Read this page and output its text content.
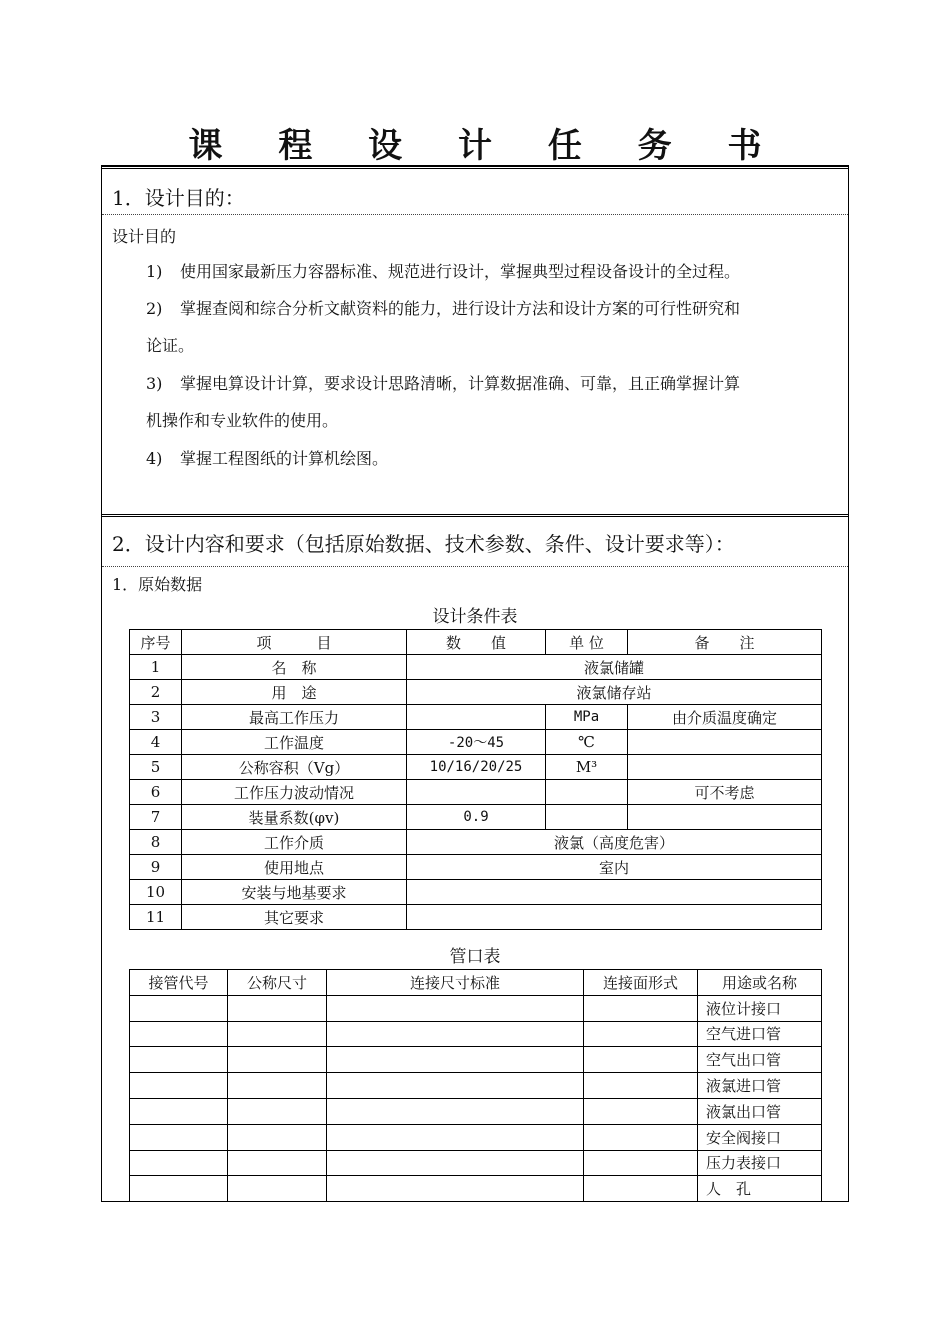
课 程 设 计 任 务 书
1．设计目的：
设计目的
1) 使用国家最新压力容器标准、规范进行设计，掌握典型过程设备设计的全过程。
2) 掌握查阅和综合分析文献资料的能力，进行设计方法和设计方案的可行性研究和
论证。
3) 掌握电算设计计算，要求设计思路清晰，计算数据准确、可靠，且正确掌握计算
机操作和专业软件的使用。
4) 掌握工程图纸的计算机绘图。
2．设计内容和要求（包括原始数据、技术参数、条件、设计要求等）：
1．原始数据
设计条件表
序号	项　　　目	数　　值	单 位	备　　注
1	名　称	液氯储罐		
2	用　途	液氯储存站		
3	最高工作压力		MPa	由介质温度确定
4	工作温度	-20～45	℃	
5	公称容积（Vg）	10/16/20/25	M³	
6	工作压力波动情况			可不考虑
7	装量系数(φv)	0.9		
8	工作介质	液氯（高度危害）		
9	使用地点	室内		
10	安装与地基要求			
11	其它要求			
管口表
接管代号	公称尺寸	连接尺寸标准	连接面形式	用途或名称
				液位计接口
				空气进口管
				空气出口管
				液氯进口管
				液氯出口管
				安全阀接口
				压力表接口
				人　孔
